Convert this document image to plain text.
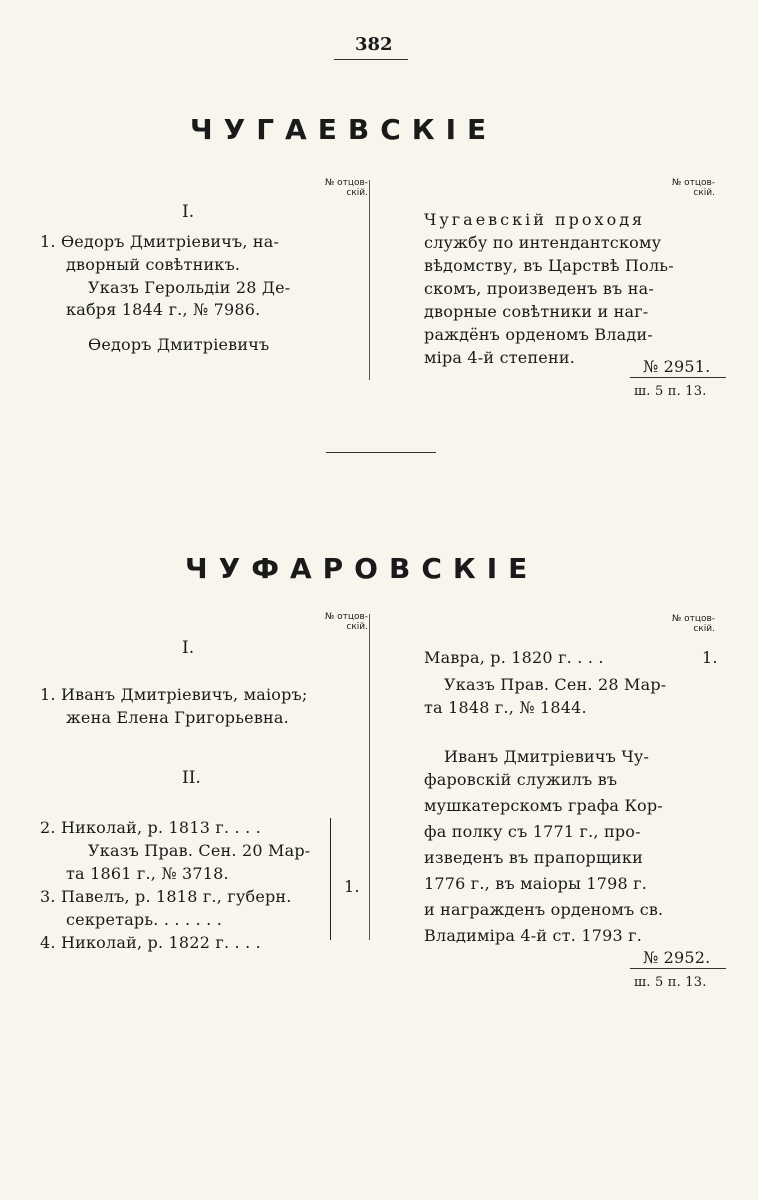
382
ЧУГАЕВСКІЕ
№ отцов-
скій.
№ отцов-
скій.
I.
1. Ѳедоръ Дмитріевичъ, на-
дворный совѣтникъ.
Указъ Герольдіи 28 Де-
кабря 1844 г., № 7986.
Ѳедоръ Дмитріевичъ
Чугаевскій проходя
службу по интендантскому
вѣдомству, въ Царствѣ Поль-
скомъ, произведенъ въ на-
дворные совѣтники и наг-
раждёнъ орденомъ Влади-
міра 4-й степени.	№ 2951.
ш. 5 п. 13.
ЧУФАРОВСКІЕ
№ отцов-
скій.
№ отцов-
скій.
I.
1. Иванъ Дмитріевичъ, маіоръ;
жена Елена Григорьевна.
II.
2. Николай, р. 1813 г. . . .
Указъ Прав. Сен. 20 Мар-
та 1861 г., № 3718.
3. Павелъ, р. 1818 г., губерн.
секретарь. . . . . . .
4. Николай, р. 1822 г. . . .
1.
Мавра, р. 1820 г. . . .	1.
Указъ Прав. Сен. 28 Мар-
та 1848 г., № 1844.
Иванъ Дмитріевичъ Чу-
фаровскій служилъ въ
мушкатерскомъ графа Кор-
фа полку съ 1771 г., про-
изведенъ въ прапорщики
1776 г., въ маіоры 1798 г.
и награжденъ орденомъ св.
Владиміра 4-й ст. 1793 г.
№ 2952.
ш. 5 п. 13.
